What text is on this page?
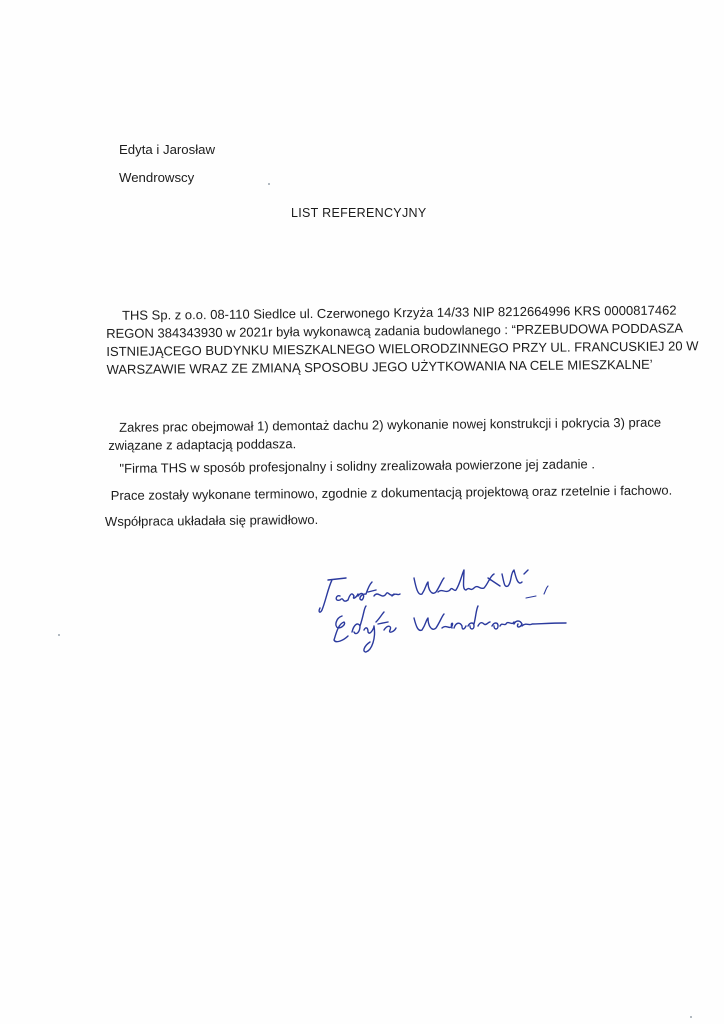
Edyta i Jarosław
Wendrowscy
LIST REFERENCYJNY
THS Sp. z o.o. 08-110 Siedlce ul. Czerwonego Krzyża 14/33 NIP 8212664996 KRS 0000817462
REGON 384343930 w 2021r była wykonawcą zadania budowlanego : “PRZEBUDOWA PODDASZA
ISTNIEJĄCEGO BUDYNKU MIESZKALNEGO WIELORODZINNEGO PRZY UL. FRANCUSKIEJ 20 W
WARSZAWIE WRAZ ZE ZMIANĄ SPOSOBU JEGO UŻYTKOWANIA NA CELE MIESZKALNE’
Zakres prac obejmował 1) demontaż dachu 2) wykonanie nowej konstrukcji i pokrycia 3) prace
związane z adaptacją poddasza.
"Firma THS w sposób profesjonalny i solidny zrealizowała powierzone jej zadanie .
Prace zostały wykonane terminowo, zgodnie z dokumentacją projektową oraz rzetelnie i fachowo.
Współpraca układała się prawidłowo.
